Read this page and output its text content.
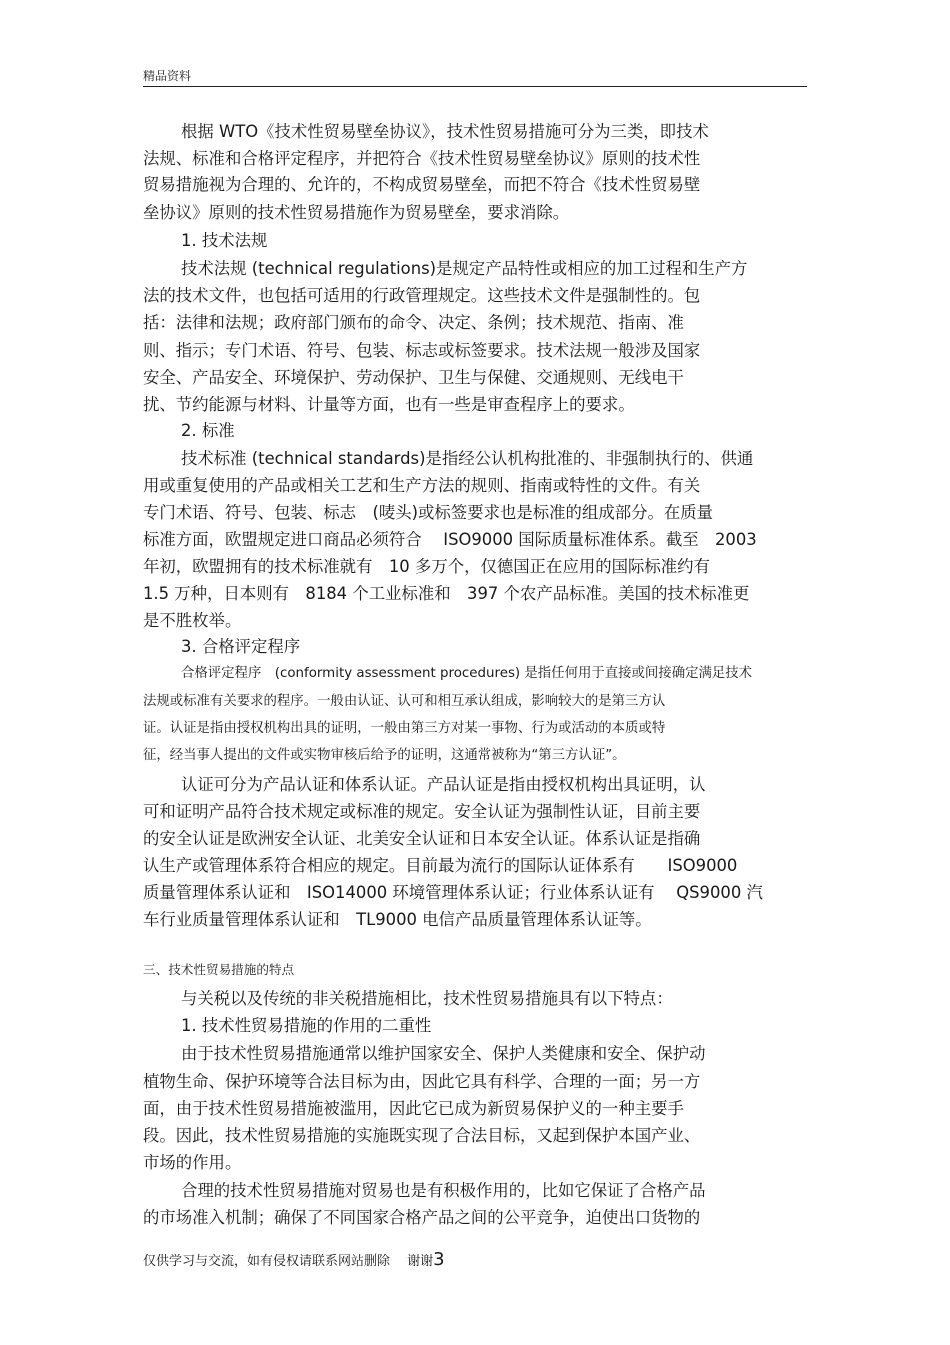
精品资料
根据 WTO《技术性贸易壁垒协议》，技术性贸易措施可分为三类，即技术
法规、标准和合格评定程序，并把符合《技术性贸易壁垒协议》原则的技术性
贸易措施视为合理的、允许的，不构成贸易壁垒，而把不符合《技术性贸易壁
垒协议》原则的技术性贸易措施作为贸易壁垒，要求消除。
1. 技术法规
技术法规 (technical regulations)是规定产品特性或相应的加工过程和生产方
法的技术文件，也包括可适用的行政管理规定。这些技术文件是强制性的。包
括：法律和法规；政府部门颁布的命令、决定、条例；技术规范、指南、准
则、指示；专门术语、符号、包装、标志或标签要求。技术法规一般涉及国家
安全、产品安全、环境保护、劳动保护、卫生与保健、交通规则、无线电干
扰、节约能源与材料、计量等方面，也有一些是审查程序上的要求。
2. 标准
技术标准 (technical standards)是指经公认机构批准的、非强制执行的、供通
用或重复使用的产品或相关工艺和生产方法的规则、指南或特性的文件。有关
专门术语、符号、包装、标志　(唛头)或标签要求也是标准的组成部分。在质量
标准方面，欧盟规定进口商品必须符合　 ISO9000 国际质量标准体系。截至　2003
年初，欧盟拥有的技术标准就有　10 多万个，仅德国正在应用的国际标准约有
1.5 万种，日本则有　8184 个工业标准和　397 个农产品标准。美国的技术标准更
是不胜枚举。
3. 合格评定程序
合格评定程序　(conformity assessment procedures) 是指任何用于直接或间接确定满足技术
法规或标准有关要求的程序。一般由认证、认可和相互承认组成，影响较大的是第三方认
证。认证是指由授权机构出具的证明，一般由第三方对某一事物、行为或活动的本质或特
征，经当事人提出的文件或实物审核后给予的证明，这通常被称为“第三方认证”。
认证可分为产品认证和体系认证。产品认证是指由授权机构出具证明，认
可和证明产品符合技术规定或标准的规定。安全认证为强制性认证，目前主要
的安全认证是欧洲安全认证、北美安全认证和日本安全认证。体系认证是指确
认生产或管理体系符合相应的规定。目前最为流行的国际认证体系有　　ISO9000
质量管理体系认证和　ISO14000 环境管理体系认证；行业体系认证有　 QS9000 汽
车行业质量管理体系认证和　TL9000 电信产品质量管理体系认证等。
三、技术性贸易措施的特点
与关税以及传统的非关税措施相比，技术性贸易措施具有以下特点：
1. 技术性贸易措施的作用的二重性
由于技术性贸易措施通常以维护国家安全、保护人类健康和安全、保护动
植物生命、保护环境等合法目标为由，因此它具有科学、合理的一面；另一方
面，由于技术性贸易措施被滥用，因此它已成为新贸易保护义的一种主要手
段。因此，技术性贸易措施的实施既实现了合法目标，又起到保护本国产业、
市场的作用。
合理的技术性贸易措施对贸易也是有积极作用的，比如它保证了合格产品
的市场准入机制；确保了不同国家合格产品之间的公平竞争，迫使出口货物的
仅供学习与交流，如有侵权请联系网站删除　 谢谢3
